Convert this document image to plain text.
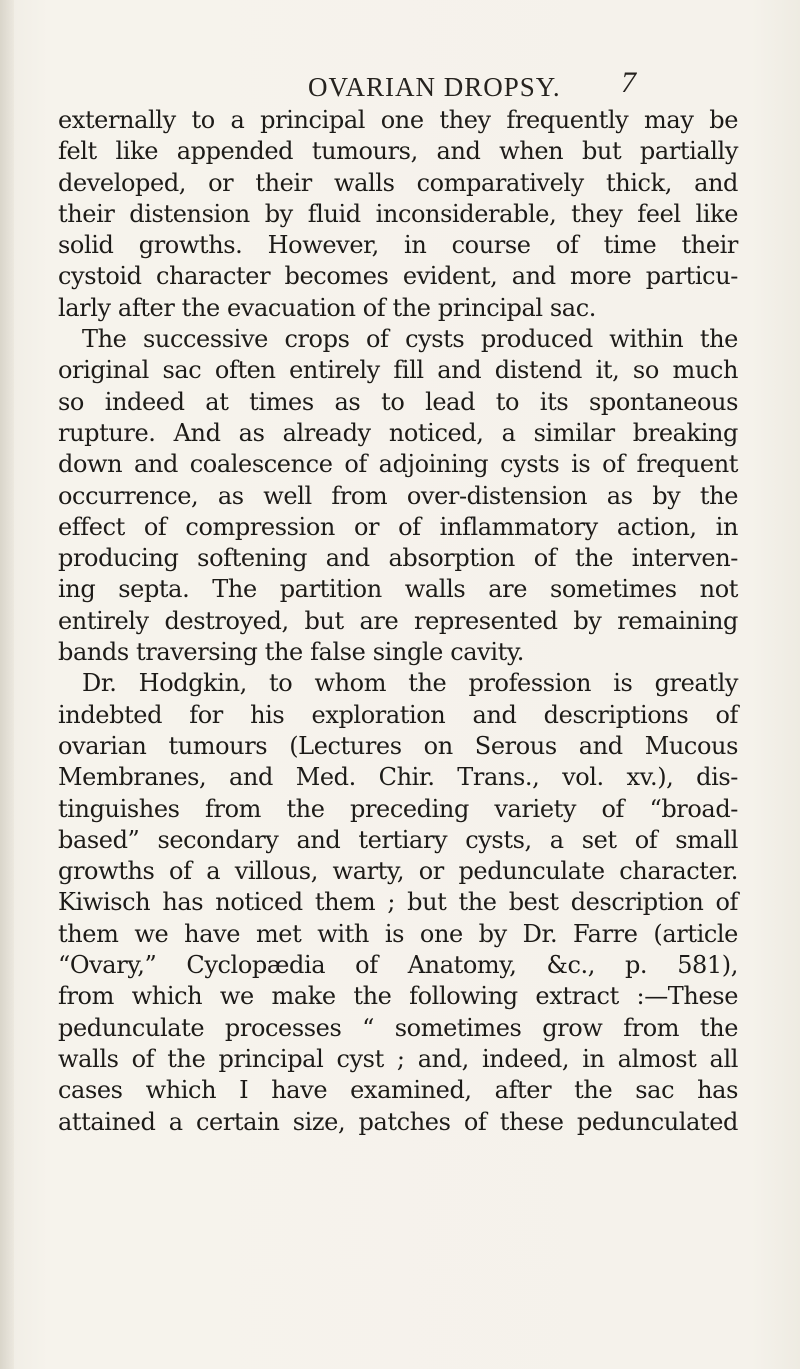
OVARIAN DROPSY. 7
externally to a principal one they frequently may be
felt like appended tumours, and when but partially
developed, or their walls comparatively thick, and
their distension by fluid inconsiderable, they feel like
solid growths. However, in course of time their
cystoid character becomes evident, and more particu-
larly after the evacuation of the principal sac.
The successive crops of cysts produced within the
original sac often entirely fill and distend it, so much
so indeed at times as to lead to its spontaneous
rupture. And as already noticed, a similar breaking
down and coalescence of adjoining cysts is of frequent
occurrence, as well from over-distension as by the
effect of compression or of inflammatory action, in
producing softening and absorption of the interven-
ing septa. The partition walls are sometimes not
entirely destroyed, but are represented by remaining
bands traversing the false single cavity.
Dr. Hodgkin, to whom the profession is greatly
indebted for his exploration and descriptions of
ovarian tumours (Lectures on Serous and Mucous
Membranes, and Med. Chir. Trans., vol. xv.), dis-
tinguishes from the preceding variety of “broad-
based” secondary and tertiary cysts, a set of small
growths of a villous, warty, or pedunculate character.
Kiwisch has noticed them ; but the best description of
them we have met with is one by Dr. Farre (article
“Ovary,” Cyclopædia of Anatomy, &c., p. 581),
from which we make the following extract :—These
pedunculate processes “ sometimes grow from the
walls of the principal cyst ; and, indeed, in almost all
cases which I have examined, after the sac has
attained a certain size, patches of these pedunculated
